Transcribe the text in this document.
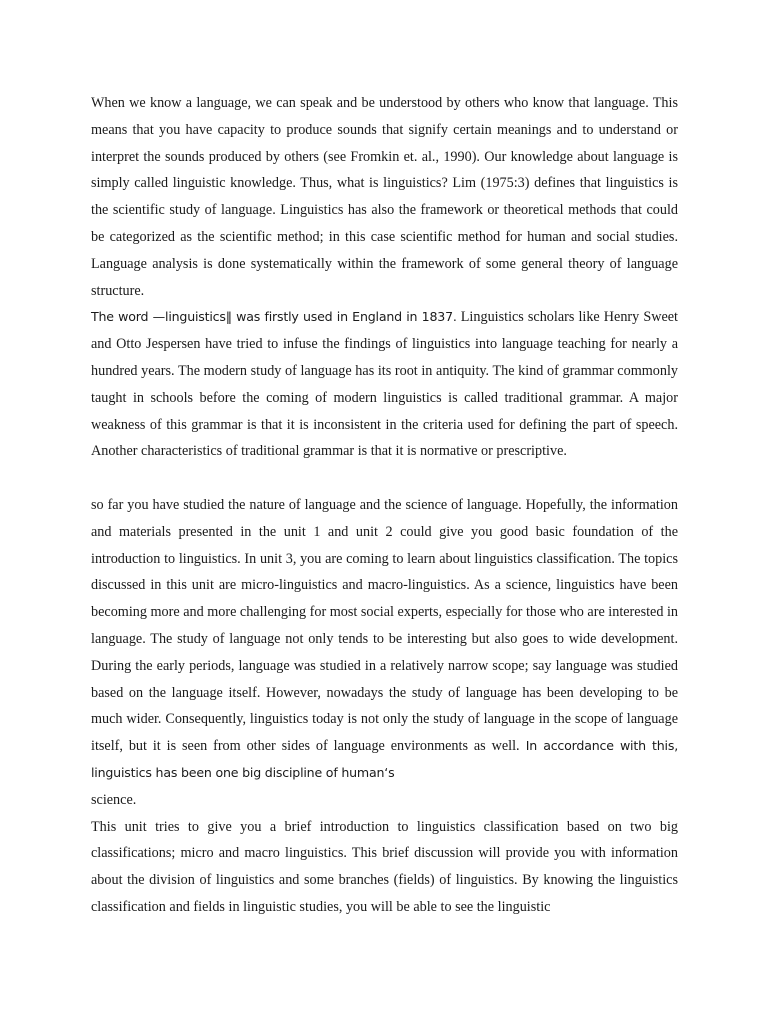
When we know a language, we can speak and be understood by others who know that language. This means that you have capacity to produce sounds that signify certain meanings and to understand or interpret the sounds produced by others (see Fromkin et. al., 1990). Our knowledge about language is simply called linguistic knowledge. Thus, what is linguistics? Lim (1975:3) defines that linguistics is the scientific study of language. Linguistics has also the framework or theoretical methods that could be categorized as the scientific method; in this case scientific method for human and social studies. Language analysis is done systematically within the framework of some general theory of language structure.

The word —linguistics‖ was firstly used in England in 1837. Linguistics scholars like Henry Sweet and Otto Jespersen have tried to infuse the findings of linguistics into language teaching for nearly a hundred years. The modern study of language has its root in antiquity. The kind of grammar commonly taught in schools before the coming of modern linguistics is called traditional grammar. A major weakness of this grammar is that it is inconsistent in the criteria used for defining the part of speech. Another characteristics of traditional grammar is that it is normative or prescriptive.

so far you have studied the nature of language and the science of language. Hopefully, the information and materials presented in the unit 1 and unit 2 could give you good basic foundation of the introduction to linguistics. In unit 3, you are coming to learn about linguistics classification. The topics discussed in this unit are micro-linguistics and macro-linguistics. As a science, linguistics have been becoming more and more challenging for most social experts, especially for those who are interested in language. The study of language not only tends to be interesting but also goes to wide development. During the early periods, language was studied in a relatively narrow scope; say language was studied based on the language itself. However, nowadays the study of language has been developing to be much wider. Consequently, linguistics today is not only the study of language in the scope of language itself, but it is seen from other sides of language environments as well. In accordance with this, linguistics has been one big discipline of human‘s

science.

This unit tries to give you a brief introduction to linguistics classification based on two big classifications; micro and macro linguistics. This brief discussion will provide you with information about the division of linguistics and some branches (fields) of linguistics. By knowing the linguistics classification and fields in linguistic studies, you will be able to see the linguistic
